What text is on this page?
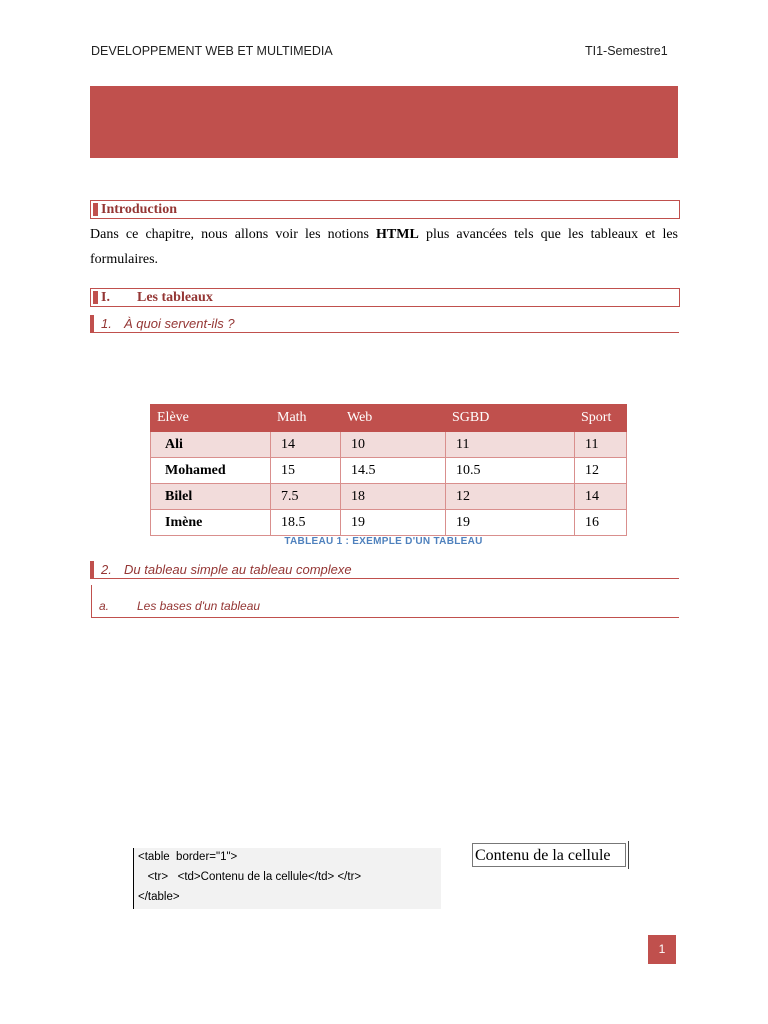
DEVELOPPEMENT WEB ET MULTIMEDIA	TI1-Semestre1
Introduction
Dans ce chapitre, nous allons voir les notions HTML plus avancées tels que les tableaux et les formulaires.
I. Les tableaux
1. À quoi servent-ils ?
Elève	Math	Web	SGBD	Sport
Ali	14	10	11	11
Mohamed	15	14.5	10.5	12
Bilel	7.5	18	12	14
Imène	18.5	19	19	16
TABLEAU 1 : EXEMPLE D'UN TABLEAU
2. Du tableau simple au tableau complexe
a. Les bases d'un tableau
<table  border="1">
<tr>   <td>Contenu de la cellule</td> </tr>
</table>
Contenu de la cellule
1
